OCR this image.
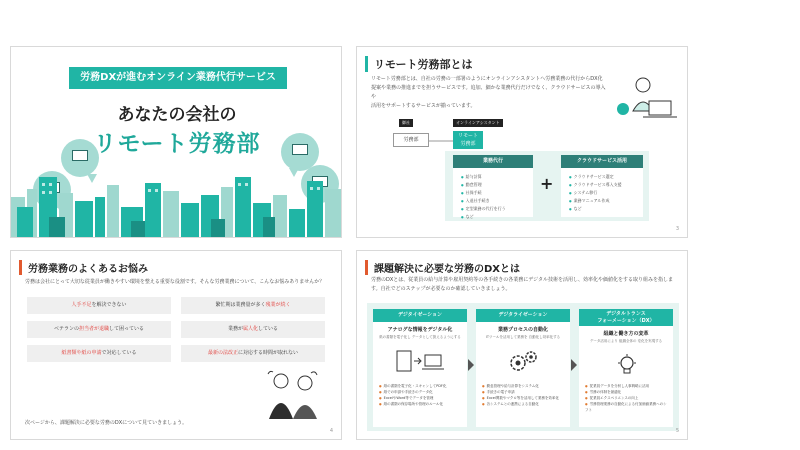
労務DXが進むオンライン業務代行サービス
あなたの会社の
リモート労務部
リモート労務部とは
リモート労務部とは、自社の労務の一部署のようにオンラインアシスタントへ労務業務の代行からDX化
提案や業務の推進までを担うサービスです。追加、細かな業務代行だけでなく、クラウドサービスの導入や
活用をサポートするサービスが揃っています。
御社	オンラインアシスタント
労務部
リモート
労務部
業務代行
● 給与計算
● 勤怠管理
● 社保手続
● 入退社手続き
● 定型業務の代行を行う
● など
+
クラウドサービス活用
● クラウドサービス選定
● クラウドサービス導入支援
● システム移行
● 業務マニュアル作成
● など
3
労務業務のよくあるお悩み
労務は会社にとって大切な従業員が働きやすい環境を整える重要な役割です。そんな労務業務について、こんなお悩みありませんか？
人手不足を解決できない	繁忙期は業務量が多く残業が続く
ベテランの担当者が退職して困っている	業務が属人化している
紙書類や紙の申請で対応している	最新の法改正に対応する時間が取れない
次ページから、課題解決に必要な労務のDXについて見ていきましょう。
4
課題解決に必要な労務のDXとは
労務のDXとは、従業員の給与計算や雇用契約等の各手続きの各業務にデジタル技術を活用し、効率化や価値化をする取り組みを指しま
す。自社でどのステップが必要なのか確認していきましょう。
デジタイゼーション
アナログな情報をデジタル化
紙の書類を電子化し データとして扱えるようにする
● 紙の書類を電子化・スキャンしてPDF化
● 紙での申請や手続きのデータ化
● ExcelやWord等でデータを管理
● 紙の書類の保存場所や管理のルール化
デジタライゼーション
業務プロセスの自動化
ITツールを活用して業務を 自動化し効率化する
● 勤怠管理や給与計算をシステム化
● 手続きの電子申請
● Excel関数やマクロ等を活用して業務を効率化
● 各システムとの連携による自動化
デジタルトランス
フォーメーション（DX）
組織と働き方の変革
データ活用により 組織全体の 変化を実現する
● 従業員データを分析し人事戦略に活用
● 労務の体制を最適化
● 従業員エクスペリエンスの向上
● 労務管理業務の自動化による付加価値業務へのシフト
5
